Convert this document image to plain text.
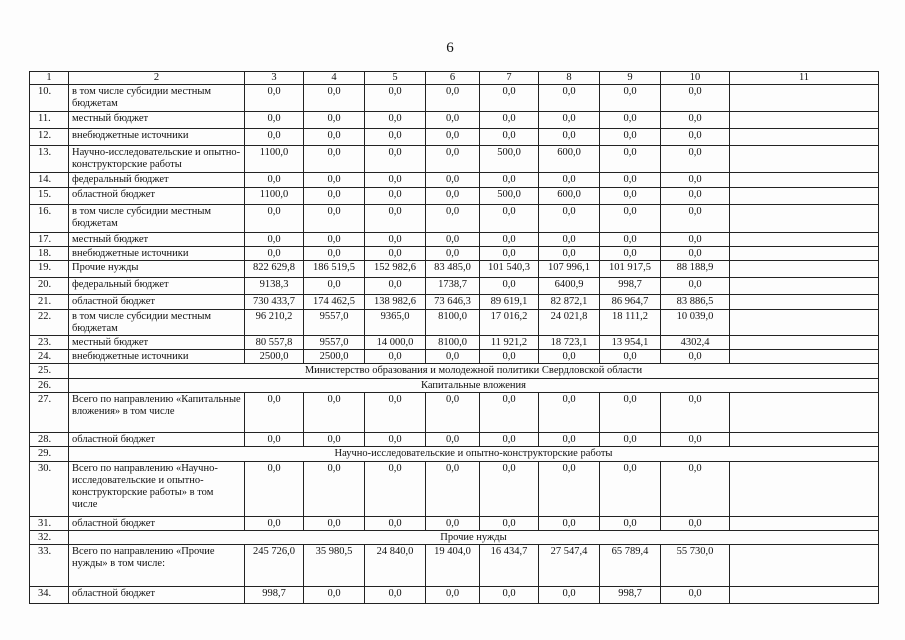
6
1	2	3	4	5	6	7	8	9	10	11
10.	в том числе субсидии местным бюджетам	0,0	0,0	0,0	0,0	0,0	0,0	0,0	0,0	
11.	местный бюджет	0,0	0,0	0,0	0,0	0,0	0,0	0,0	0,0	
12.	внебюджетные источники	0,0	0,0	0,0	0,0	0,0	0,0	0,0	0,0	
13.	Научно-исследовательские и опытно-конструкторские работы	1100,0	0,0	0,0	0,0	500,0	600,0	0,0	0,0	
14.	федеральный бюджет	0,0	0,0	0,0	0,0	0,0	0,0	0,0	0,0	
15.	областной бюджет	1100,0	0,0	0,0	0,0	500,0	600,0	0,0	0,0	
16.	в том числе субсидии местным бюджетам	0,0	0,0	0,0	0,0	0,0	0,0	0,0	0,0	
17.	местный бюджет	0,0	0,0	0,0	0,0	0,0	0,0	0,0	0,0	
18.	внебюджетные источники	0,0	0,0	0,0	0,0	0,0	0,0	0,0	0,0	
19.	Прочие нужды	822 629,8	186 519,5	152 982,6	83 485,0	101 540,3	107 996,1	101 917,5	88 188,9	
20.	федеральный бюджет	9138,3	0,0	0,0	1738,7	0,0	6400,9	998,7	0,0	
21.	областной бюджет	730 433,7	174 462,5	138 982,6	73 646,3	89 619,1	82 872,1	86 964,7	83 886,5	
22.	в том числе субсидии местным бюджетам	96 210,2	9557,0	9365,0	8100,0	17 016,2	24 021,8	18 111,2	10 039,0	
23.	местный бюджет	80 557,8	9557,0	14 000,0	8100,0	11 921,2	18 723,1	13 954,1	4302,4	
24.	внебюджетные источники	2500,0	2500,0	0,0	0,0	0,0	0,0	0,0	0,0	
25.	Министерство образования и молодежной политики Свердловской области									
26.	Капитальные вложения									
27.	Всего по направлению «Капитальные вложения» в том числе	0,0	0,0	0,0	0,0	0,0	0,0	0,0	0,0	
28.	областной бюджет	0,0	0,0	0,0	0,0	0,0	0,0	0,0	0,0	
29.	Научно-исследовательские и опытно-конструкторские работы									
30.	Всего по направлению «Научно-исследовательские и опытно-конструкторские работы» в том числе	0,0	0,0	0,0	0,0	0,0	0,0	0,0	0,0	
31.	областной бюджет	0,0	0,0	0,0	0,0	0,0	0,0	0,0	0,0	
32.	Прочие нужды									
33.	Всего по направлению «Прочие нужды» в том числе:	245 726,0	35 980,5	24 840,0	19 404,0	16 434,7	27 547,4	65 789,4	55 730,0	
34.	областной бюджет	998,7	0,0	0,0	0,0	0,0	0,0	998,7	0,0	
